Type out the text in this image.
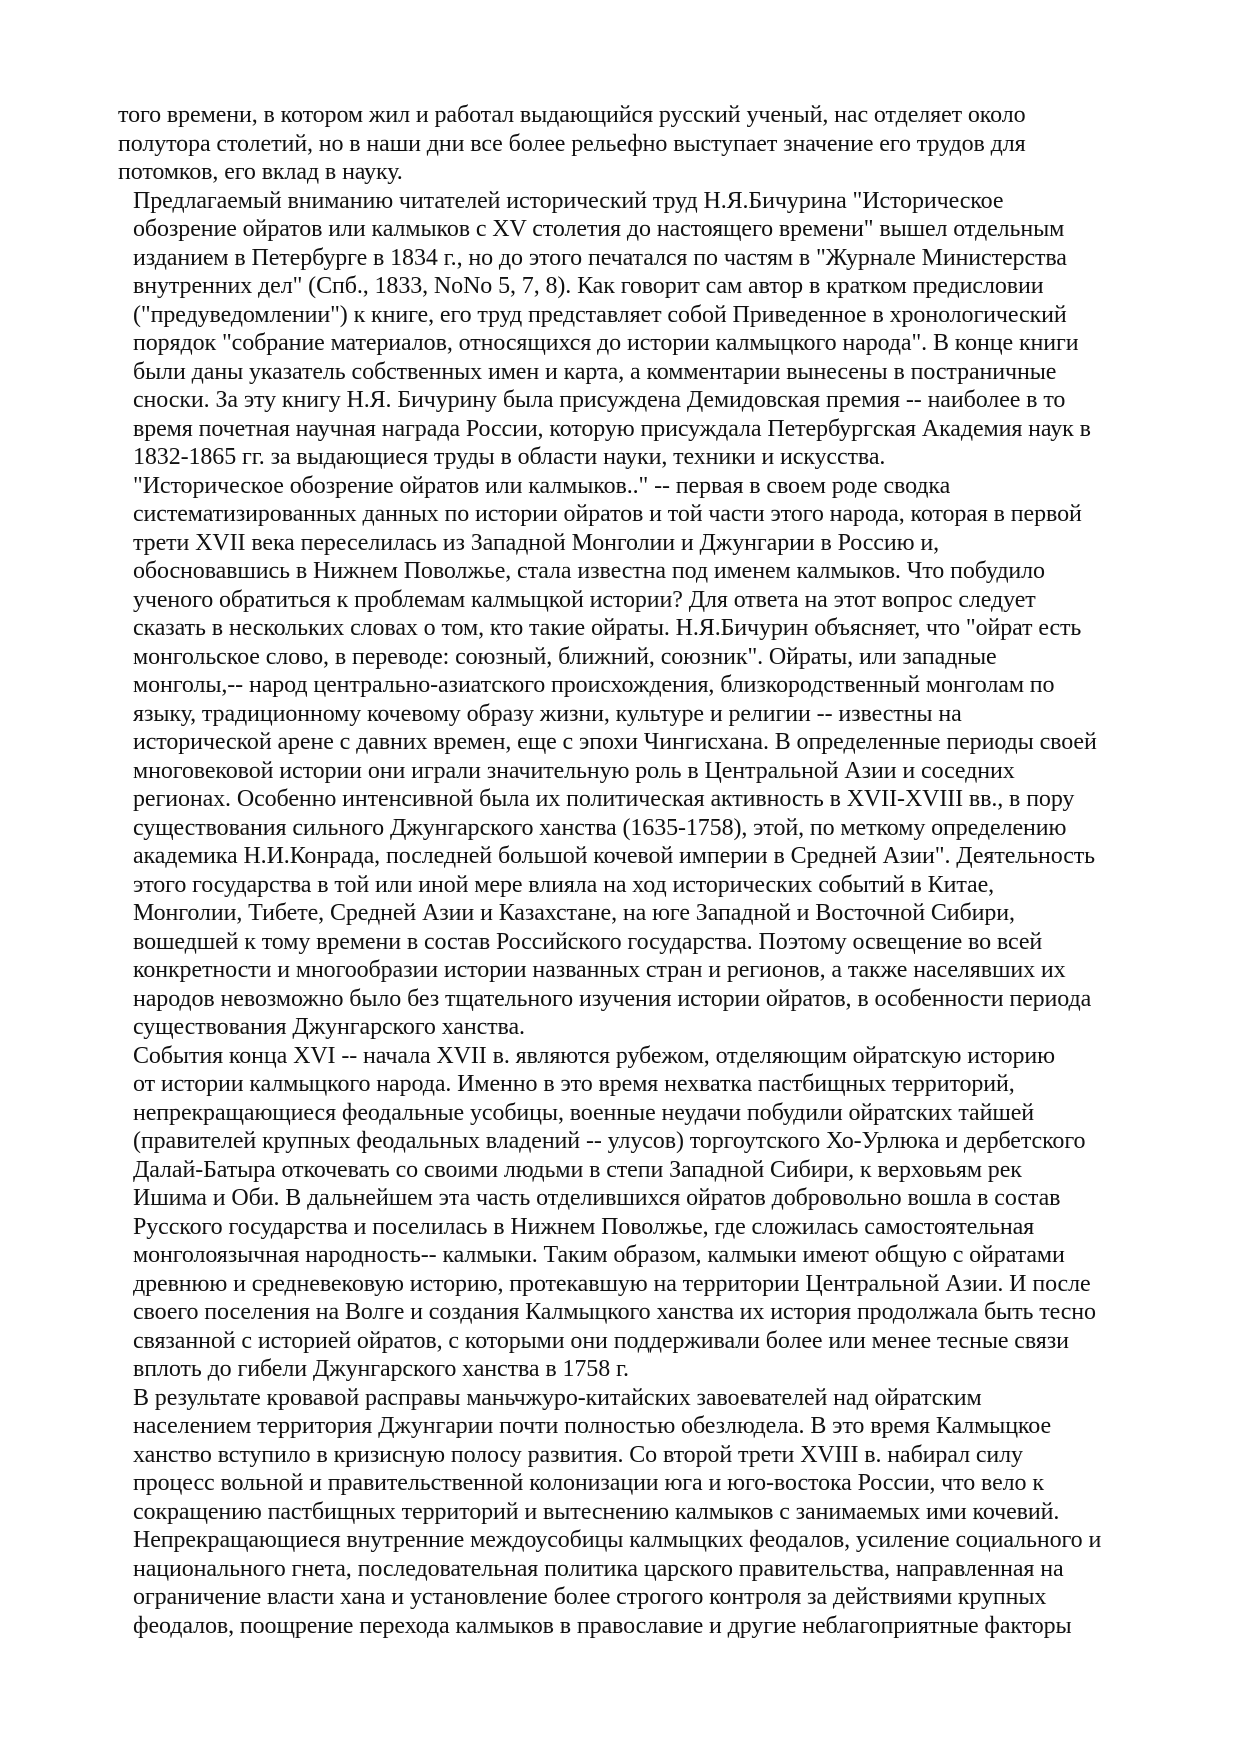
того времени, в котором жил и работал выдающийся русский ученый, нас отделяет около
полутора столетий, но в наши дни все более рельефно выступает значение его трудов для
потомков, его вклад в науку.

Предлагаемый вниманию читателей исторический труд Н.Я.Бичурина "Историческое
обозрение ойратов или калмыков с XV столетия до настоящего времени" вышел отдельным
изданием в Петербурге в 1834 г., но до этого печатался по частям в "Журнале Министерства
внутренних дел" (Спб., 1833, NoNo 5, 7, 8). Как говорит сам автор в кратком предисловии
("предуведомлении") к книге, его труд представляет собой Приведенное в хронологический
порядок "собрание материалов, относящихся до истории калмыцкого народа". В конце книги
были даны указатель собственных имен и карта, а комментарии вынесены в постраничные
сноски. За эту книгу Н.Я. Бичурину была присуждена Демидовская премия -- наиболее в то
время почетная научная награда России, которую присуждала Петербургская Академия наук в
1832-1865 гг. за выдающиеся труды в области науки, техники и искусства.

"Историческое обозрение ойратов или калмыков.." -- первая в своем роде сводка
систематизированных данных по истории ойратов и той части этого народа, которая в первой
трети XVII века переселилась из Западной Монголии и Джунгарии в Россию и,
обосновавшись в Нижнем Поволжье, стала известна под именем калмыков. Что побудило
ученого обратиться к проблемам калмыцкой истории? Для ответа на этот вопрос следует
сказать в нескольких словах о том, кто такие ойраты. Н.Я.Бичурин объясняет, что "ойрат есть
монгольское слово, в переводе: союзный, ближний, союзник". Ойраты, или западные
монголы,-- народ центрально-азиатского происхождения, близкородственный монголам по
языку, традиционному кочевому образу жизни, культуре и религии -- известны на
исторической арене с давних времен, еще с эпохи Чингисхана. В определенные периоды своей
многовековой истории они играли значительную роль в Центральной Азии и соседних
регионах. Особенно интенсивной была их политическая активность в XVII-XVIII вв., в пору
существования сильного Джунгарского ханства (1635-1758), этой, по меткому определению
академика Н.И.Конрада, последней большой кочевой империи в Средней Азии". Деятельность
этого государства в той или иной мере влияла на ход исторических событий в Китае,
Монголии, Тибете, Средней Азии и Казахстане, на юге Западной и Восточной Сибири,
вошедшей к тому времени в состав Российского государства. Поэтому освещение во всей
конкретности и многообразии истории названных стран и регионов, а также населявших их
народов невозможно было без тщательного изучения истории ойратов, в особенности периода
существования Джунгарского ханства.

События конца XVI -- начала XVII в. являются рубежом, отделяющим ойратскую историю
от истории калмыцкого народа. Именно в это время нехватка пастбищных территорий,
непрекращающиеся феодальные усобицы, военные неудачи побудили ойратских тайшей
(правителей крупных феодальных владений -- улусов) торгоутского Хо-Урлюка и дербетского
Далай-Батыра откочевать со своими людьми в степи Западной Сибири, к верховьям рек
Ишима и Оби. В дальнейшем эта часть отделившихся ойратов добровольно вошла в состав
Русского государства и поселилась в Нижнем Поволжье, где сложилась самостоятельная
монголоязычная народность-- калмыки. Таким образом, калмыки имеют общую с ойратами
древнюю и средневековую историю, протекавшую на территории Центральной Азии. И после
своего поселения на Волге и создания Калмыцкого ханства их история продолжала быть тесно
связанной с историей ойратов, с которыми они поддерживали более или менее тесные связи
вплоть до гибели Джунгарского ханства в 1758 г.

В результате кровавой расправы маньчжуро-китайских завоевателей над ойратским
населением территория Джунгарии почти полностью обезлюдела. В это время Калмыцкое
ханство вступило в кризисную полосу развития. Со второй трети XVIII в. набирал силу
процесс вольной и правительственной колонизации юга и юго-востока России, что вело к
сокращению пастбищных территорий и вытеснению калмыков с занимаемых ими кочевий.
Непрекращающиеся внутренние междоусобицы калмыцких феодалов, усиление социального и
национального гнета, последовательная политика царского правительства, направленная на
ограничение власти хана и установление более строгого контроля за действиями крупных
феодалов, поощрение перехода калмыков в православие и другие неблагоприятные факторы
